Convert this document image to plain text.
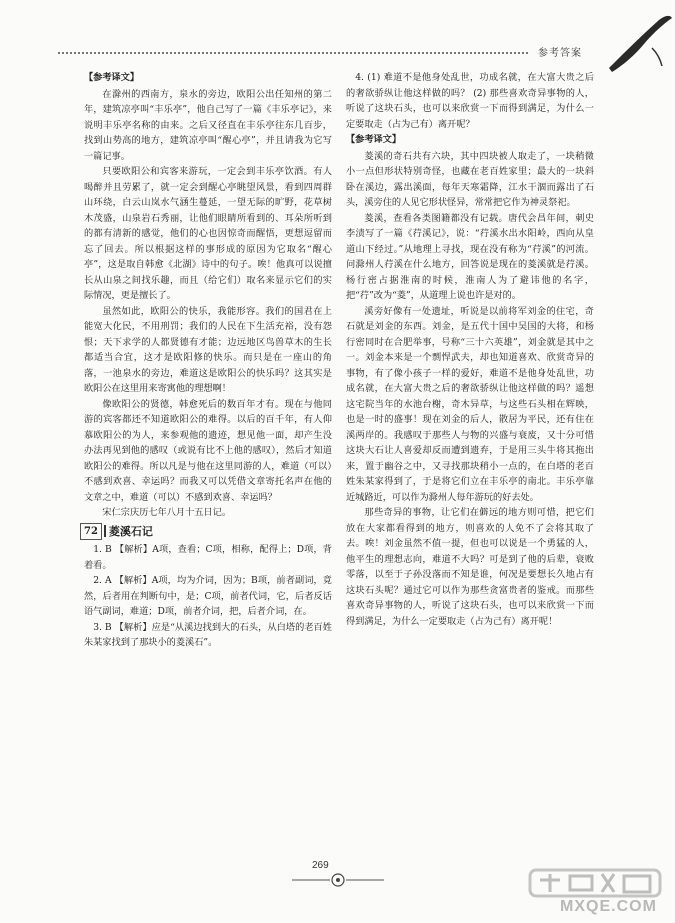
参考答案

【参考译文】

在滁州的西南方，泉水的旁边，欧阳公出任知州的第二年，建筑凉亭叫“丰乐亭”，他自己写了一篇《丰乐亭记》，来说明丰乐亭名称的由来。之后又径直在丰乐亭往东几百步，找到山势高的地方，建筑凉亭叫“醒心亭”，并且请我为它写一篇记事。

只要欧阳公和宾客来游玩，一定会到丰乐亭饮酒。有人喝醉并且劳累了，就一定会到醒心亭眺望风景，看到四周群山环绕，白云山岚水气涵生蔓延，一望无际的旷野，花草树木茂盛，山泉岩石秀丽，让他们眼睛所看到的、耳朵所听到的都有清新的感觉，他们的心也因惊奇而醒悟，更想逗留而忘了回去。所以根据这样的事形成的原因为它取名“醒心亭”，这是取自韩愈《北湖》诗中的句子。唉！他真可以说擅长从山泉之间找乐趣，而且（给它们）取名来显示它们的实际情况，更是擅长了。

虽然如此，欧阳公的快乐，我能形容。我们的国君在上能宽大化民，不用刑罚；我们的人民在下生活充裕，没有怨恨；天下求学的人都贤德有才能；边远地区鸟兽草木的生长都适当合宜，这才是欧阳修的快乐。而只是在一座山的角落，一池泉水的旁边，难道这是欧阳公的快乐吗？这其实是欧阳公在这里用来寄寓他的理想啊！

像欧阳公的贤德，韩愈死后的数百年才有。现在与他同游的宾客都还不知道欧阳公的难得。以后的百千年，有人仰慕欧阳公的为人，来参观他的遗迹，想见他一面，却产生没办法再见到他的感叹（或说有比不上他的感叹），然后才知道欧阳公的难得。所以凡是与他在这里同游的人，难道（可以）不感到欢喜、幸运吗？而我又可以凭借文章寄托名声在他的文章之中，难道（可以）不感到欢喜、幸运吗？

宋仁宗庆历七年八月十五日记。

72	菱溪石记

1. B 【解析】A项，查看；C项，相称，配得上；D项，背着看。

2. A 【解析】A项，均为介词，因为；B项，前者副词，竟然，后者用在判断句中，是；C项，前者代词，它，后者反话语气副词，难道；D项，前者介词，把，后者介词，在。

3. B 【解析】应是“从溪边找到大的石头，从白塔的老百姓朱某家找到了那块小的菱溪石”。

4. (1) 难道不是他身处乱世，功成名就，在大富大贵之后的奢欲骄纵让他这样做的吗？ (2) 那些喜欢奇异事物的人，听说了这块石头，也可以来欣赏一下而得到满足，为什么一定要取走（占为己有）离开呢？

【参考译文】

菱溪的奇石共有六块，其中四块被人取走了，一块稍微小一点但形状特别奇怪，也藏在老百姓家里；最大的一块斜卧在溪边，露出溪面，每年天寒霜降，江水干涸而露出了石头，溪旁住的人见它形状怪异，常常把它作为神灵祭祀。

菱溪，查看各类图籍都没有记载。唐代会昌年间，刺史李渍写了一篇《荇溪记》，说：“荇溪水出水阳岭，西向从皇道山下经过。”从地理上寻找，现在没有称为“荇溪”的河流。问滁州人荇溪在什么地方，回答说是现在的菱溪就是荇溪。杨行密占据淮南的时候，淮南人为了避讳他的名字，把“荇”改为“菱”，从道理上说也许是对的。

溪旁好像有一处遗址，听说是以前将军刘金的住宅，奇石就是刘金的东西。刘金，是五代十国中吴国的大将，和杨行密同时在合肥举事，号称“三十六英雄”，刘金就是其中之一。刘金本来是一个剽悍武夫，却也知道喜欢、欣赏奇异的事物，有了像小孩子一样的爱好，难道不是他身处乱世，功成名就，在大富大贵之后的奢欲骄纵让他这样做的吗？遥想这宅院当年的水池台榭，奇木异草，与这些石头相在辉映，也是一时的盛事！现在刘金的后人，散居为平民，还有住在溪两岸的。我感叹于那些人与物的兴盛与衰废，又十分可惜这块大石让人喜爱却反而遭到遗弃，于是用三头牛将其拖出来，置于幽谷之中，又寻找那块稍小一点的，在白塔的老百姓朱某家得到了，于是将它们立在丰乐亭的南北。丰乐亭靠近城路近，可以作为滁州人每年游玩的好去处。

那些奇异的事物，让它们在僻远的地方则可惜，把它们放在大家都看得到的地方，则喜欢的人免不了会将其取了去。唉！刘金虽然不值一提，但也可以说是一个勇猛的人，他平生的理想志向，难道不大吗？可是到了他的后辈，衰败零落，以至于子孙没落而不知是谁，何况是要想长久地占有这块石头呢？通过它可以作为那些贪富贵者的鉴戒。而那些喜欢奇异事物的人，听说了这块石头，也可以来欣赏一下而得到满足，为什么一定要取走（占为己有）离开呢！

269
MXQE.COM
